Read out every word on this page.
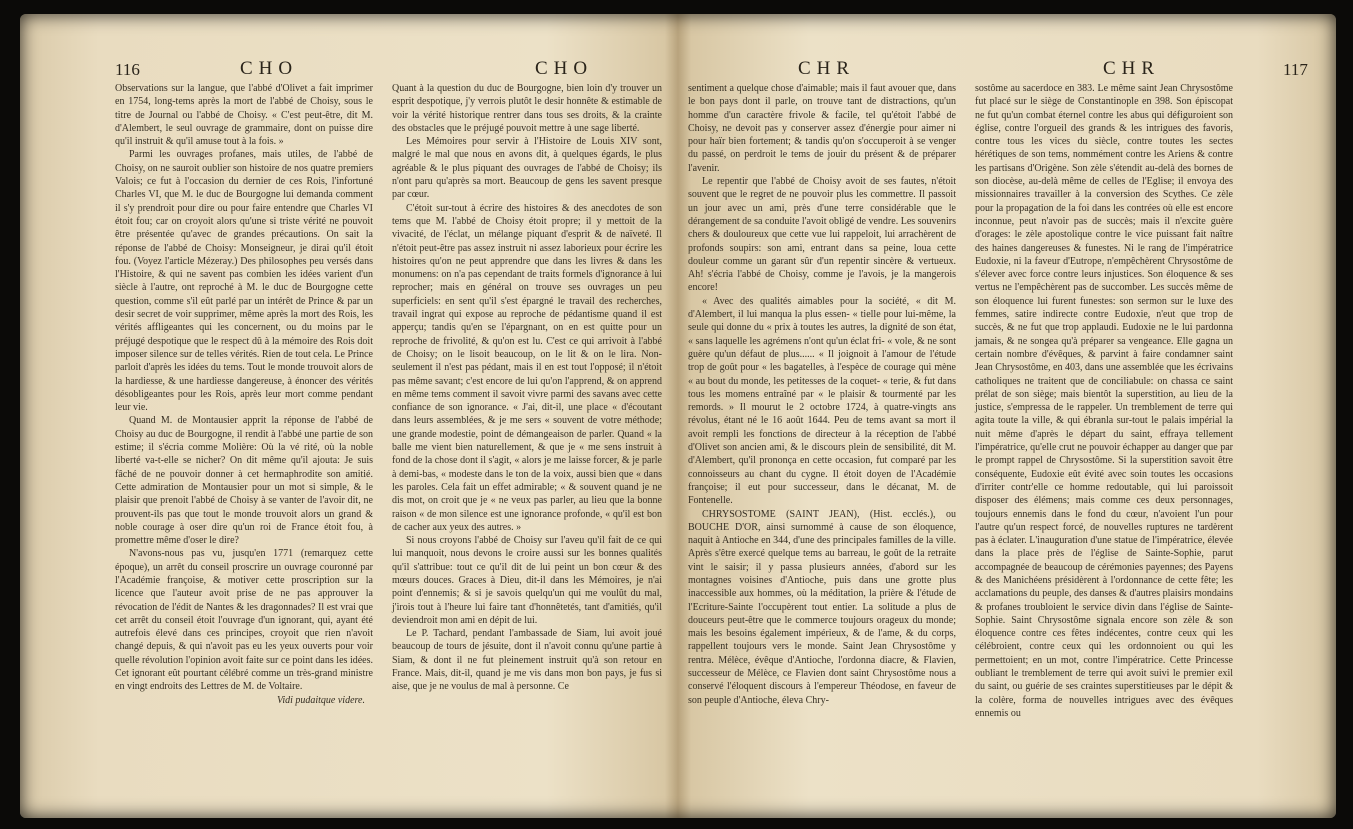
116	CHO	CHO

Observations sur la langue, que l'abbé d'Olivet a fait imprimer en 1754, long-tems après la mort de l'abbé de Choisy, sous le titre de Journal ou l'abbé de Choisy. « C'est peut-être, dit M. d'Alembert, le seul ouvrage de grammaire, dont on puisse dire qu'il instruit & qu'il amuse tout à la fois. »

Parmi les ouvrages profanes, mais utiles, de l'abbé de Choisy, on ne sauroit oublier son histoire de nos quatre premiers Valois; ce fut à l'occasion du dernier de ces Rois, l'infortuné Charles VI, que M. le duc de Bourgogne lui demanda comment il s'y prendroit pour dire ou pour faire entendre que Charles VI étoit fou; car on croyoit alors qu'une si triste vérité ne pouvoit être présentée qu'avec de grandes précautions. On sait la réponse de l'abbé de Choisy: Monseigneur, je dirai qu'il étoit fou. (Voyez l'article Mézeray.) Des philosophes peu versés dans l'Histoire, & qui ne savent pas combien les idées varient d'un siècle à l'autre, ont reproché à M. le duc de Bourgogne cette question, comme s'il eût parlé par un intérêt de Prince & par un desir secret de voir supprimer, même après la mort des Rois, les vérités affligeantes qui les concernent, ou du moins par le préjugé despotique que le respect dû à la mémoire des Rois doit imposer silence sur de telles vérités. Rien de tout cela. Le Prince parloit d'après les idées du tems. Tout le monde trouvoit alors de la hardiesse, & une hardiesse dangereuse, à énoncer des vérités désobligeantes pour les Rois, après leur mort comme pendant leur vie.

Quand M. de Montausier apprit la réponse de l'abbé de Choisy au duc de Bourgogne, il rendit à l'abbé une partie de son estime; il s'écria comme Molière: Où la vé rité, où la noble liberté va-t-elle se nicher? On dit même qu'il ajouta: Je suis fâché de ne pouvoir donner à cet hermaphrodite son amitié. Cette admiration de Montausier pour un mot si simple, & le plaisir que prenoit l'abbé de Choisy à se vanter de l'avoir dit, ne prouvent-ils pas que tout le monde trouvoit alors un grand & noble courage à oser dire qu'un roi de France étoit fou, à promettre même d'oser le dire?

N'avons-nous pas vu, jusqu'en 1771 (remarquez cette époque), un arrêt du conseil proscrire un ouvrage couronné par l'Académie françoise, & motiver cette proscription sur la licence que l'auteur avoit prise de ne pas approuver la révocation de l'édit de Nantes & les dragonnades? Il est vrai que cet arrêt du conseil étoit l'ouvrage d'un ignorant, qui, ayant été autrefois élevé dans ces principes, croyoit que rien n'avoit changé depuis, & qui n'avoit pas eu les yeux ouverts pour voir quelle révolution l'opinion avoit faite sur ce point dans les idées. Cet ignorant eût pourtant célébré comme un très-grand ministre en vingt endroits des Lettres de M. de Voltaire.

Vidi pudaitque videre.

Quant à la question du duc de Bourgogne, bien loin d'y trouver un esprit despotique, j'y verrois plutôt le desir honnête & estimable de voir la vérité historique rentrer dans tous ses droits, & la crainte des obstacles que le préjugé pouvoit mettre à une sage liberté.

Les Mémoires pour servir à l'Histoire de Louis XIV sont, malgré le mal que nous en avons dit, à quelques égards, le plus agréable & le plus piquant des ouvrages de l'abbé de Choisy; ils n'ont paru qu'après sa mort. Beaucoup de gens les savent presque par cœur.

C'étoit sur-tout à écrire des histoires & des anecdotes de son tems que M. l'abbé de Choisy étoit propre; il y mettoit de la vivacité, de l'éclat, un mélange piquant d'esprit & de naïveté. Il n'étoit peut-être pas assez instruit ni assez laborieux pour écrire les histoires qu'on ne peut apprendre que dans les livres & dans les monumens: on n'a pas cependant de traits formels d'ignorance à lui reprocher; mais en général on trouve ses ouvrages un peu superficiels: en sent qu'il s'est épargné le travail des recherches, travail ingrat qui expose au reproche de pédantisme quand il est apperçu; tandis qu'en se l'épargnant, on en est quitte pour un reproche de frivolité, & qu'on est lu. C'est ce qui arrivoit à l'abbé de Choisy; on le lisoit beaucoup, on le lit & on le lira. Non-seulement il n'est pas pédant, mais il en est tout l'opposé; il n'étoit pas même savant; c'est encore de lui qu'on l'apprend, & on apprend en même tems comment il savoit vivre parmi des savans avec cette confiance de son ignorance. « J'ai, dit-il, une place « d'écoutant dans leurs assemblées, & je me sers « souvent de votre méthode; une grande modestie, point de démangeaison de parler. Quand « la balle me vient bien naturellement, & que je « me sens instruit à fond de la chose dont il s'agit, « alors je me laisse forcer, & je parle à demi-bas, « modeste dans le ton de la voix, aussi bien que « dans les paroles. Cela fait un effet admirable; « & souvent quand je ne dis mot, on croit que je « ne veux pas parler, au lieu que la bonne raison « de mon silence est une ignorance profonde, « qu'il est bon de cacher aux yeux des autres. »

Si nous croyons l'abbé de Choisy sur l'aveu qu'il fait de ce qui lui manquoit, nous devons le croire aussi sur les bonnes qualités qu'il s'attribue: tout ce qu'il dit de lui peint un bon cœur & des mœurs douces. Graces à Dieu, dit-il dans les Mémoires, je n'ai point d'ennemis; & si je savois quelqu'un qui me voulût du mal, j'irois tout à l'heure lui faire tant d'honnêtetés, tant d'amitiés, qu'il deviendroit mon ami en dépit de lui.

Le P. Tachard, pendant l'ambassade de Siam, lui avoit joué beaucoup de tours de jésuite, dont il n'avoit connu qu'une partie à Siam, & dont il ne fut pleinement instruit qu'à son retour en France. Mais, dit-il, quand je me vis dans mon bon pays, je fus si aise, que je ne voulus de mal à personne. Ce

CHR	CHR	117

sentiment a quelque chose d'aimable; mais il faut avouer que, dans le bon pays dont il parle, on trouve tant de distractions, qu'un homme d'un caractère frivole & facile, tel qu'étoit l'abbé de Choisy, ne devoit pas y conserver assez d'énergie pour aimer ni pour haïr bien fortement; & tandis qu'on s'occuperoit à se venger du passé, on perdroit le tems de jouir du présent & de préparer l'avenir.

Le repentir que l'abbé de Choisy avoit de ses fautes, n'étoit souvent que le regret de ne pouvoir plus les commettre. Il passoit un jour avec un ami, près d'une terre considérable que le dérangement de sa conduite l'avoit obligé de vendre. Les souvenirs chers & douloureux que cette vue lui rappeloit, lui arrachèrent de profonds soupirs: son ami, entrant dans sa peine, loua cette douleur comme un garant sûr d'un repentir sincère & vertueux. Ah! s'écria l'abbé de Choisy, comme je l'avois, je la mangerois encore!

« Avec des qualités aimables pour la société, « dit M. d'Alembert, il lui manqua la plus essen- « tielle pour lui-même, la seule qui donne du « prix à toutes les autres, la dignité de son état, « sans laquelle les agrémens n'ont qu'un éclat fri- « vole, & ne sont guère qu'un défaut de plus...... « Il joignoit à l'amour de l'étude trop de goût pour « les bagatelles, à l'espèce de courage qui mène « au bout du monde, les petitesses de la coquet- « terie, & fut dans tous les momens entraîné par « le plaisir & tourmenté par les remords. » Il mourut le 2 octobre 1724, à quatre-vingts ans révolus, étant né le 16 août 1644. Peu de tems avant sa mort il avoit rempli les fonctions de directeur à la réception de l'abbé d'Olivet son ancien ami, & le discours plein de sensibilité, dit M. d'Alembert, qu'il prononça en cette occasion, fut comparé par les connoisseurs au chant du cygne. Il étoit doyen de l'Académie françoise; il eut pour successeur, dans le décanat, M. de Fontenelle.

CHRYSOSTOME (SAINT JEAN), (Hist. ecclés.), ou BOUCHE D'OR, ainsi surnommé à cause de son éloquence, naquit à Antioche en 344, d'une des principales familles de la ville. Après s'être exercé quelque tems au barreau, le goût de la retraite vint le saisir; il y passa plusieurs années, d'abord sur les montagnes voisines d'Antioche, puis dans une grotte plus inaccessible aux hommes, où la méditation, la prière & l'étude de l'Ecriture-Sainte l'occupèrent tout entier. La solitude a plus de douceurs peut-être que le commerce toujours orageux du monde; mais les besoins également impérieux, & de l'ame, & du corps, rappellent toujours vers le monde. Saint Jean Chrysostôme y rentra. Mélèce, évêque d'Antioche, l'ordonna diacre, & Flavien, successeur de Mélèce, ce Flavien dont saint Chrysostôme nous a conservé l'éloquent discours à l'empereur Théodose, en faveur de son peuple d'Antioche, éleva Chry-

sostôme au sacerdoce en 383. Le même saint Jean Chrysostôme fut placé sur le siège de Constantinople en 398. Son épiscopat ne fut qu'un combat éternel contre les abus qui défiguroient son église, contre l'orgueil des grands & les intrigues des favoris, contre tous les vices du siècle, contre toutes les sectes hérétiques de son tems, nommément contre les Ariens & contre les partisans d'Origène. Son zèle s'étendit au-delà des bornes de son diocèse, au-delà même de celles de l'Eglise; il envoya des missionnaires travailler à la conversion des Scythes. Ce zèle pour la propagation de la foi dans les contrées où elle est encore inconnue, peut n'avoir pas de succès; mais il n'excite guère d'orages: le zèle apostolique contre le vice puissant fait naître des haines dangereuses & funestes. Ni le rang de l'impératrice Eudoxie, ni la faveur d'Eutrope, n'empêchèrent Chrysostôme de s'élever avec force contre leurs injustices. Son éloquence & ses vertus ne l'empêchèrent pas de succomber. Les succès même de son éloquence lui furent funestes: son sermon sur le luxe des femmes, satire indirecte contre Eudoxie, n'eut que trop de succès, & ne fut que trop applaudi. Eudoxie ne le lui pardonna jamais, & ne songea qu'à préparer sa vengeance. Elle gagna un certain nombre d'évêques, & parvint à faire condamner saint Jean Chrysostôme, en 403, dans une assemblée que les écrivains catholiques ne traitent que de conciliabule: on chassa ce saint prélat de son siège; mais bientôt la superstition, au lieu de la justice, s'empressa de le rappeler. Un tremblement de terre qui agita toute la ville, & qui ébranla sur-tout le palais impérial la nuit même d'après le départ du saint, effraya tellement l'impératrice, qu'elle crut ne pouvoir échapper au danger que par le prompt rappel de Chrysostôme. Si la superstition savoit être conséquente, Eudoxie eût évité avec soin toutes les occasions d'irriter contr'elle ce homme redoutable, qui lui paroissoit disposer des élémens; mais comme ces deux personnages, toujours ennemis dans le fond du cœur, n'avoient l'un pour l'autre qu'un respect forcé, de nouvelles ruptures ne tardèrent pas à éclater. L'inauguration d'une statue de l'impératrice, élevée dans la place près de l'église de Sainte-Sophie, parut accompagnée de beaucoup de cérémonies payennes; des Payens & des Manichéens présidèrent à l'ordonnance de cette fête; les acclamations du peuple, des danses & d'autres plaisirs mondains & profanes troubloient le service divin dans l'église de Sainte-Sophie. Saint Chrysostôme signala encore son zèle & son éloquence contre ces fêtes indécentes, contre ceux qui les célébroient, contre ceux qui les ordonnoient ou qui les permettoient; en un mot, contre l'impératrice. Cette Princesse oubliant le tremblement de terre qui avoit suivi le premier exil du saint, ou guérie de ses craintes superstitieuses par le dépit & la colère, forma de nouvelles intrigues avec des évêques ennemis ou
